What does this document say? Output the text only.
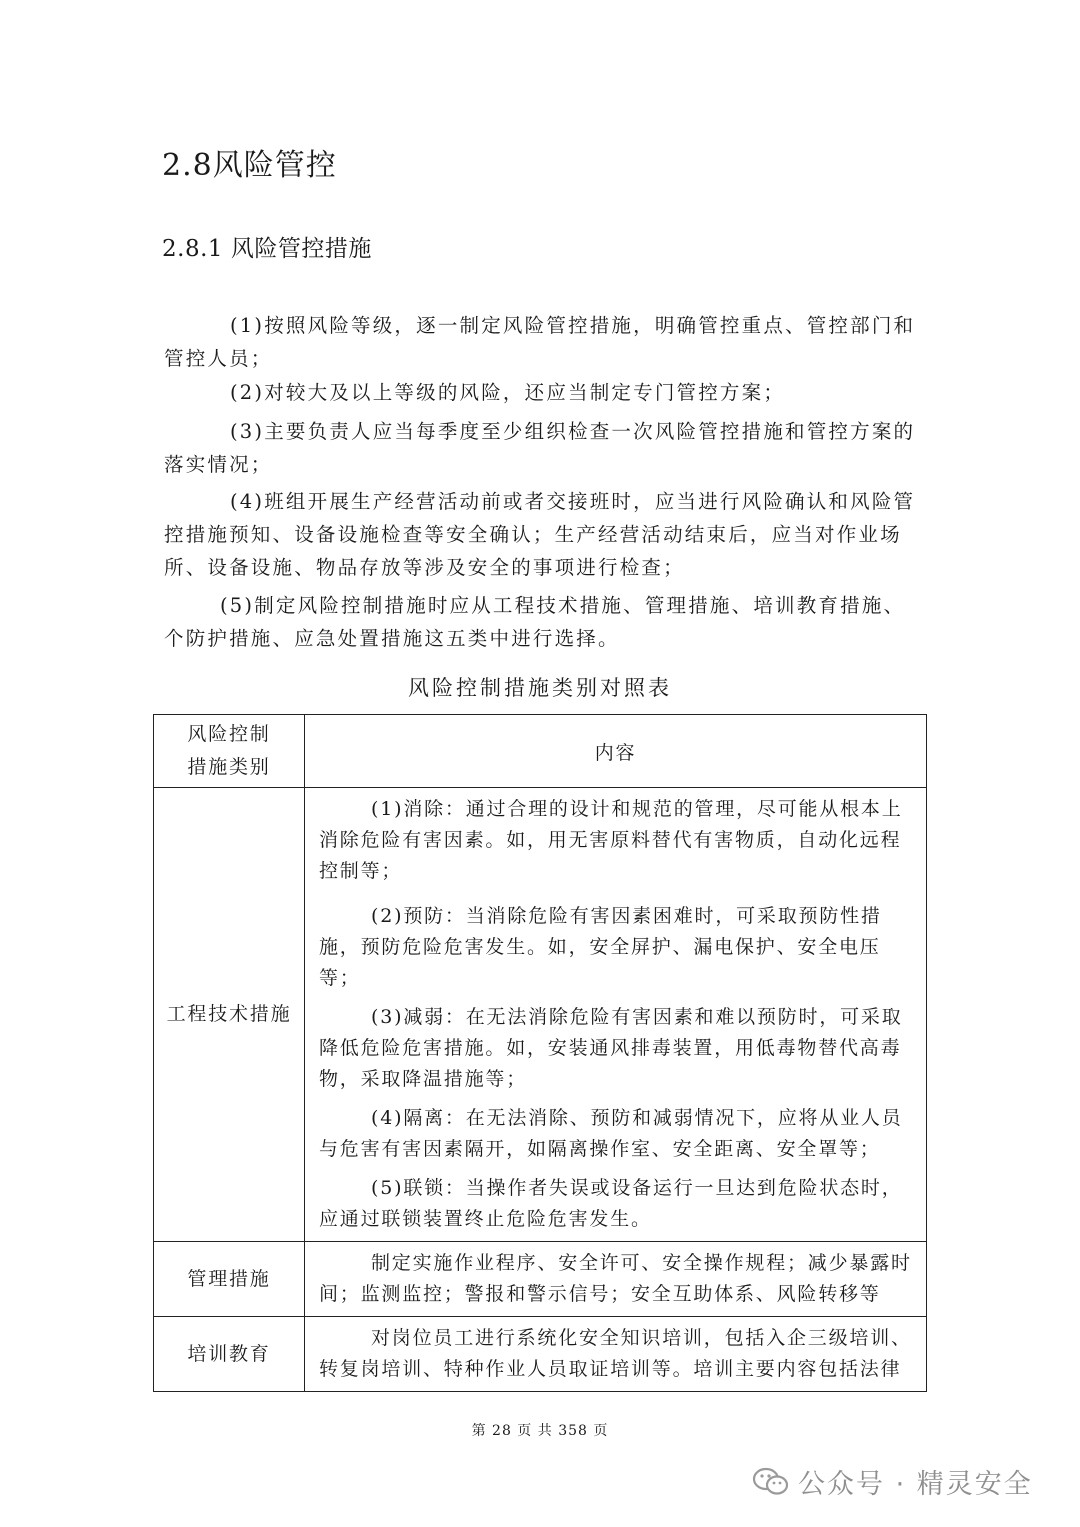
2.8风险管控
2.8.1 风险管控措施
(1)按照风险等级，逐一制定风险管控措施，明确管控重点、管控部门和管控人员；
(2)对较大及以上等级的风险，还应当制定专门管控方案；
(3)主要负责人应当每季度至少组织检查一次风险管控措施和管控方案的落实情况；
(4)班组开展生产经营活动前或者交接班时，应当进行风险确认和风险管控措施预知、设备设施检查等安全确认；生产经营活动结束后，应当对作业场所、设备设施、物品存放等涉及安全的事项进行检查；
(5)制定风险控制措施时应从工程技术措施、管理措施、培训教育措施、个防护措施、应急处置措施这五类中进行选择。
风险控制措施类别对照表
风险控制
措施类别	内容
工程技术措施	(1)消除：通过合理的设计和规范的管理，尽可能从根本上消除危险有害因素。如，用无害原料替代有害物质，自动化远程控制等；

(2)预防：当消除危险有害因素困难时，可采取预防性措施，预防危险危害发生。如，安全屏护、漏电保护、安全电压等；

(3)减弱：在无法消除危险有害因素和难以预防时，可采取降低危险危害措施。如，安装通风排毒装置，用低毒物替代高毒物，采取降温措施等；

(4)隔离：在无法消除、预防和减弱情况下，应将从业人员与危害有害因素隔开，如隔离操作室、安全距离、安全罩等；

(5)联锁：当操作者失误或设备运行一旦达到危险状态时，应通过联锁装置终止危险危害发生。

管理措施	制定实施作业程序、安全许可、安全操作规程；减少暴露时间；监测监控；警报和警示信号；安全互助体系、风险转移等

培训教育	对岗位员工进行系统化安全知识培训，包括入企三级培训、转复岗培训、特种作业人员取证培训等。培训主要内容包括法律

第 28 页 共 358 页
公众号 · 精灵安全
